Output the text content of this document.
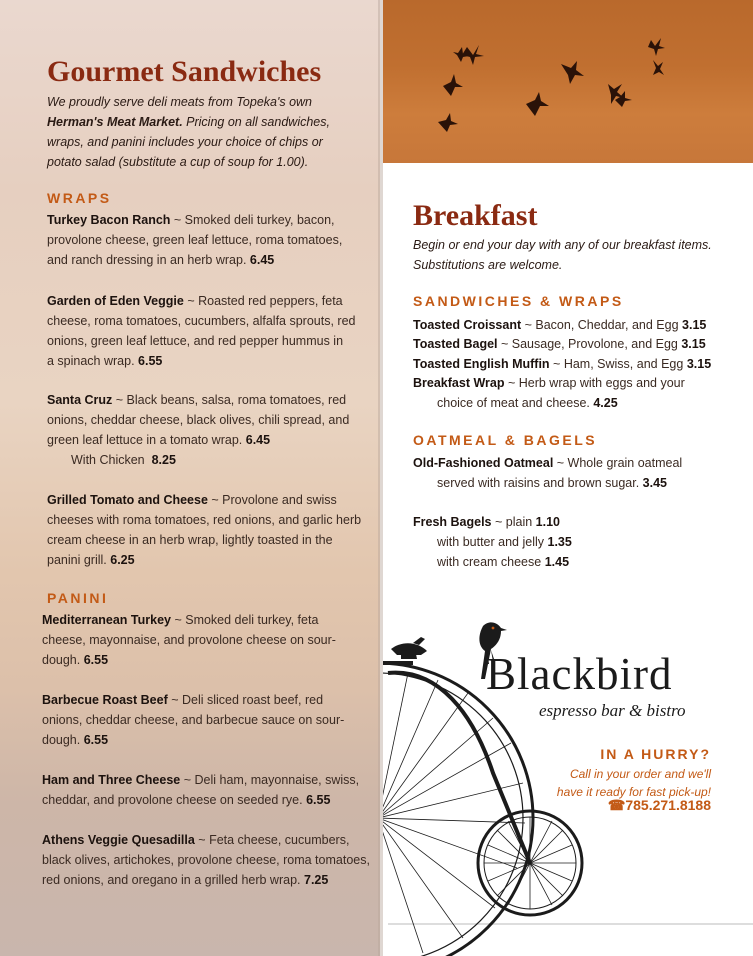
Gourmet Sandwiches
We proudly serve deli meats from Topeka's own
Herman's Meat Market. Pricing on all sandwiches,
wraps, and panini includes your choice of chips or
potato salad (substitute a cup of soup for 1.00).
WRAPS
Turkey Bacon Ranch ~ Smoked deli turkey, bacon,
provolone cheese, green leaf lettuce, roma tomatoes,
and ranch dressing in an herb wrap. 6.45
Garden of Eden Veggie ~ Roasted red peppers, feta
cheese, roma tomatoes, cucumbers, alfalfa sprouts, red
onions, green leaf lettuce, and red pepper hummus in
a spinach wrap. 6.55
Santa Cruz ~ Black beans, salsa, roma tomatoes, red
onions, cheddar cheese, black olives, chili spread, and
green leaf lettuce in a tomato wrap. 6.45

With Chicken 8.25
Grilled Tomato and Cheese ~ Provolone and swiss
cheeses with roma tomatoes, red onions, and garlic herb
cream cheese in an herb wrap, lightly toasted in the
panini grill. 6.25
PANINI
Mediterranean Turkey ~ Smoked deli turkey, feta
cheese, mayonnaise, and provolone cheese on sour-
dough. 6.55
Barbecue Roast Beef ~ Deli sliced roast beef, red
onions, cheddar cheese, and barbecue sauce on sour-
dough. 6.55
Ham and Three Cheese ~ Deli ham, mayonnaise, swiss,
cheddar, and provolone cheese on seeded rye. 6.55
Athens Veggie Quesadilla ~ Feta cheese, cucumbers,
black olives, artichokes, provolone cheese, roma tomatoes,
red onions, and oregano in a grilled herb wrap. 7.25
Breakfast
Begin or end your day with any of our breakfast items.
Substitutions are welcome.
SANDWICHES & WRAPS
Toasted Croissant ~ Bacon, Cheddar, and Egg 3.15
Toasted Bagel ~ Sausage, Provolone, and Egg 3.15
Toasted English Muffin ~ Ham, Swiss, and Egg 3.15
Breakfast Wrap ~ Herb wrap with eggs and your

choice of meat and cheese. 4.25
OATMEAL & BAGELS
Old-Fashioned Oatmeal ~ Whole grain oatmeal

served with raisins and brown sugar. 3.45
Fresh Bagels ~ plain 1.10

with butter and jelly 1.35
with cream cheese 1.45
Blackbird
espresso bar & bistro
IN A HURRY?
Call in your order and we'll
have it ready for fast pick-up!
☎785.271.8188
